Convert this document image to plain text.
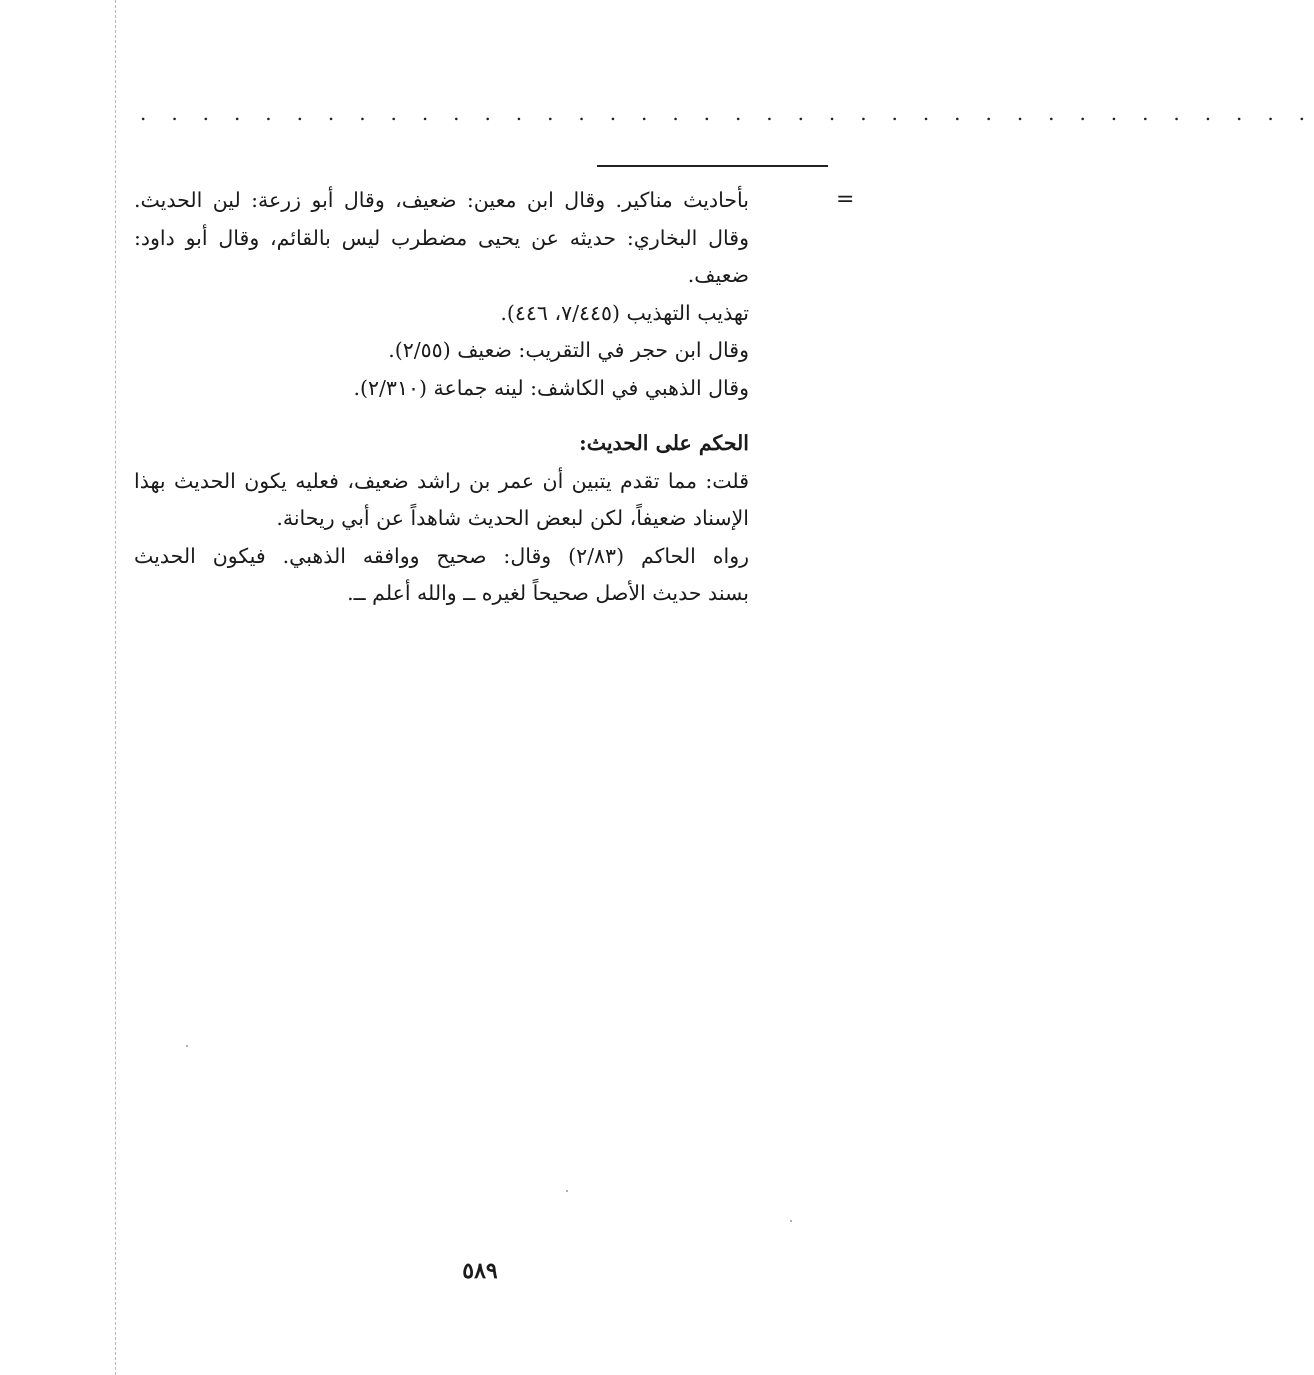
. . . . . . . . . . . . . . . . . . . . . . . . . . . . . . . . . . . . . .
=
بأحاديث مناكير. وقال ابن معين: ضعيف، وقال أبو زرعة: لين الحديث.
وقال البخاري: حديثه عن يحيى مضطرب ليس بالقائم، وقال أبو داود:
ضعيف.
تهذيب التهذيب (٧/٤٤٥، ٤٤٦).
وقال ابن حجر في التقريب: ضعيف (٢/٥٥).
وقال الذهبي في الكاشف: لينه جماعة (٢/٣١٠).
الحكم على الحديث:
قلت: مما تقدم يتبين أن عمر بن راشد ضعيف، فعليه يكون الحديث بهذا
الإسناد ضعيفاً، لكن لبعض الحديث شاهداً عن أبي ريحانة.
رواه الحاكم (٢/٨٣) وقال: صحيح ووافقه الذهبي. فيكون الحديث
بسند حديث الأصل صحيحاً لغيره ــ والله أعلم ــ.
٥٨٩
